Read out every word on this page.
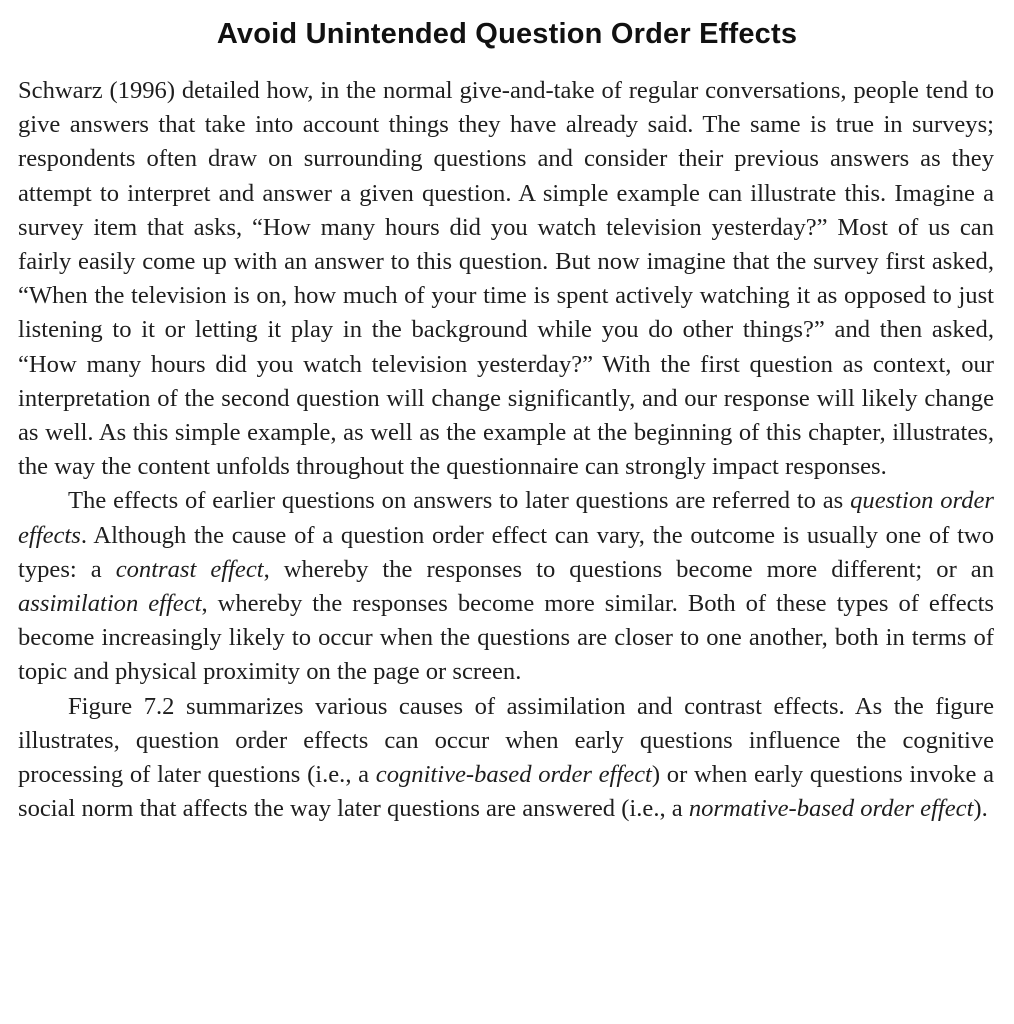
Avoid Unintended Question Order Effects

Schwarz (1996) detailed how, in the normal give-and-take of regular conversations, people tend to give answers that take into account things they have already said. The same is true in surveys; respondents often draw on surrounding questions and consider their previous answers as they attempt to interpret and answer a given question. A simple example can illustrate this. Imagine a survey item that asks, “How many hours did you watch television yesterday?” Most of us can fairly easily come up with an answer to this question. But now imagine that the survey first asked, “When the television is on, how much of your time is spent actively watching it as opposed to just listening to it or letting it play in the background while you do other things?” and then asked, “How many hours did you watch television yesterday?” With the first question as context, our interpretation of the second question will change significantly, and our response will likely change as well. As this simple example, as well as the example at the beginning of this chapter, illustrates, the way the content unfolds throughout the questionnaire can strongly impact responses.

The effects of earlier questions on answers to later questions are referred to as question order effects. Although the cause of a question order effect can vary, the outcome is usually one of two types: a contrast effect, whereby the responses to questions become more different; or an assimilation effect, whereby the responses become more similar. Both of these types of effects become increasingly likely to occur when the questions are closer to one another, both in terms of topic and physical proximity on the page or screen.

Figure 7.2 summarizes various causes of assimilation and contrast effects. As the figure illustrates, question order effects can occur when early questions influence the cognitive processing of later questions (i.e., a cognitive-based order effect) or when early questions invoke a social norm that affects the way later questions are answered (i.e., a normative-based order effect).
